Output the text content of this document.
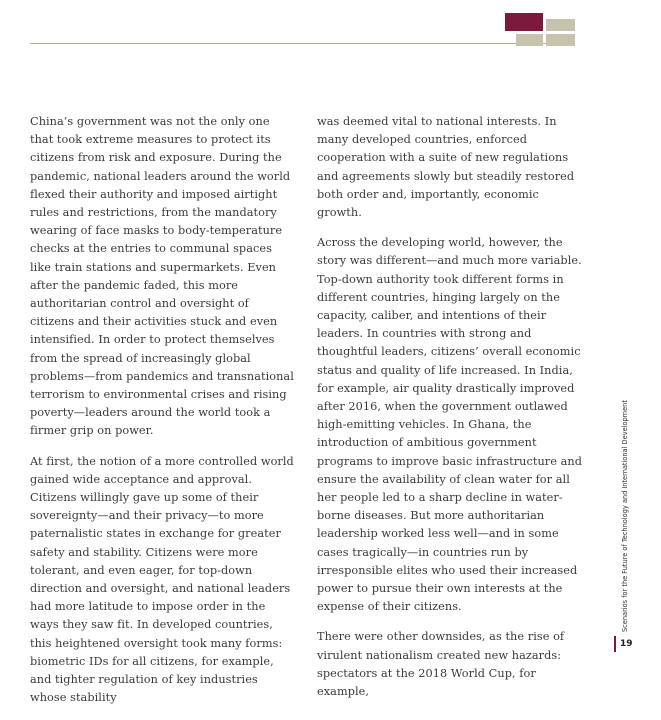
China’s government was not the only one that took extreme measures to protect its citizens from risk and exposure. During the pandemic, national leaders around the world flexed their authority and imposed airtight rules and restrictions, from the mandatory wearing of face masks to body-temperature checks at the entries to communal spaces like train stations and supermarkets. Even after the pandemic faded, this more authoritarian control and oversight of citizens and their activities stuck and even intensified. In order to protect themselves from the spread of increasingly global problems—from pandemics and transnational terrorism to environmental crises and rising poverty—leaders around the world took a firmer grip on power.

At first, the notion of a more controlled world gained wide acceptance and approval. Citizens willingly gave up some of their sovereignty—and their privacy—to more paternalistic states in exchange for greater safety and stability. Citizens were more tolerant, and even eager, for top-down direction and oversight, and national leaders had more latitude to impose order in the ways they saw fit. In developed countries, this heightened oversight took many forms: biometric IDs for all citizens, for example, and tighter regulation of key industries whose stability

was deemed vital to national interests. In many developed countries, enforced cooperation with a suite of new regulations and agreements slowly but steadily restored both order and, importantly, economic growth.

Across the developing world, however, the story was different—and much more variable. Top-down authority took different forms in different countries, hinging largely on the capacity, caliber, and intentions of their leaders. In countries with strong and thoughtful leaders, citizens’ overall economic status and quality of life increased. In India, for example, air quality drastically improved after 2016, when the government outlawed high-emitting vehicles. In Ghana, the introduction of ambitious government programs to improve basic infrastructure and ensure the availability of clean water for all her people led to a sharp decline in water-borne diseases. But more authoritarian leadership worked less well—and in some cases tragically—in countries run by irresponsible elites who used their increased power to pursue their own interests at the expense of their citizens.

There were other downsides, as the rise of virulent nationalism created new hazards: spectators at the 2018 World Cup, for example,

Scenarios for the Future of Technology and International Development
19
